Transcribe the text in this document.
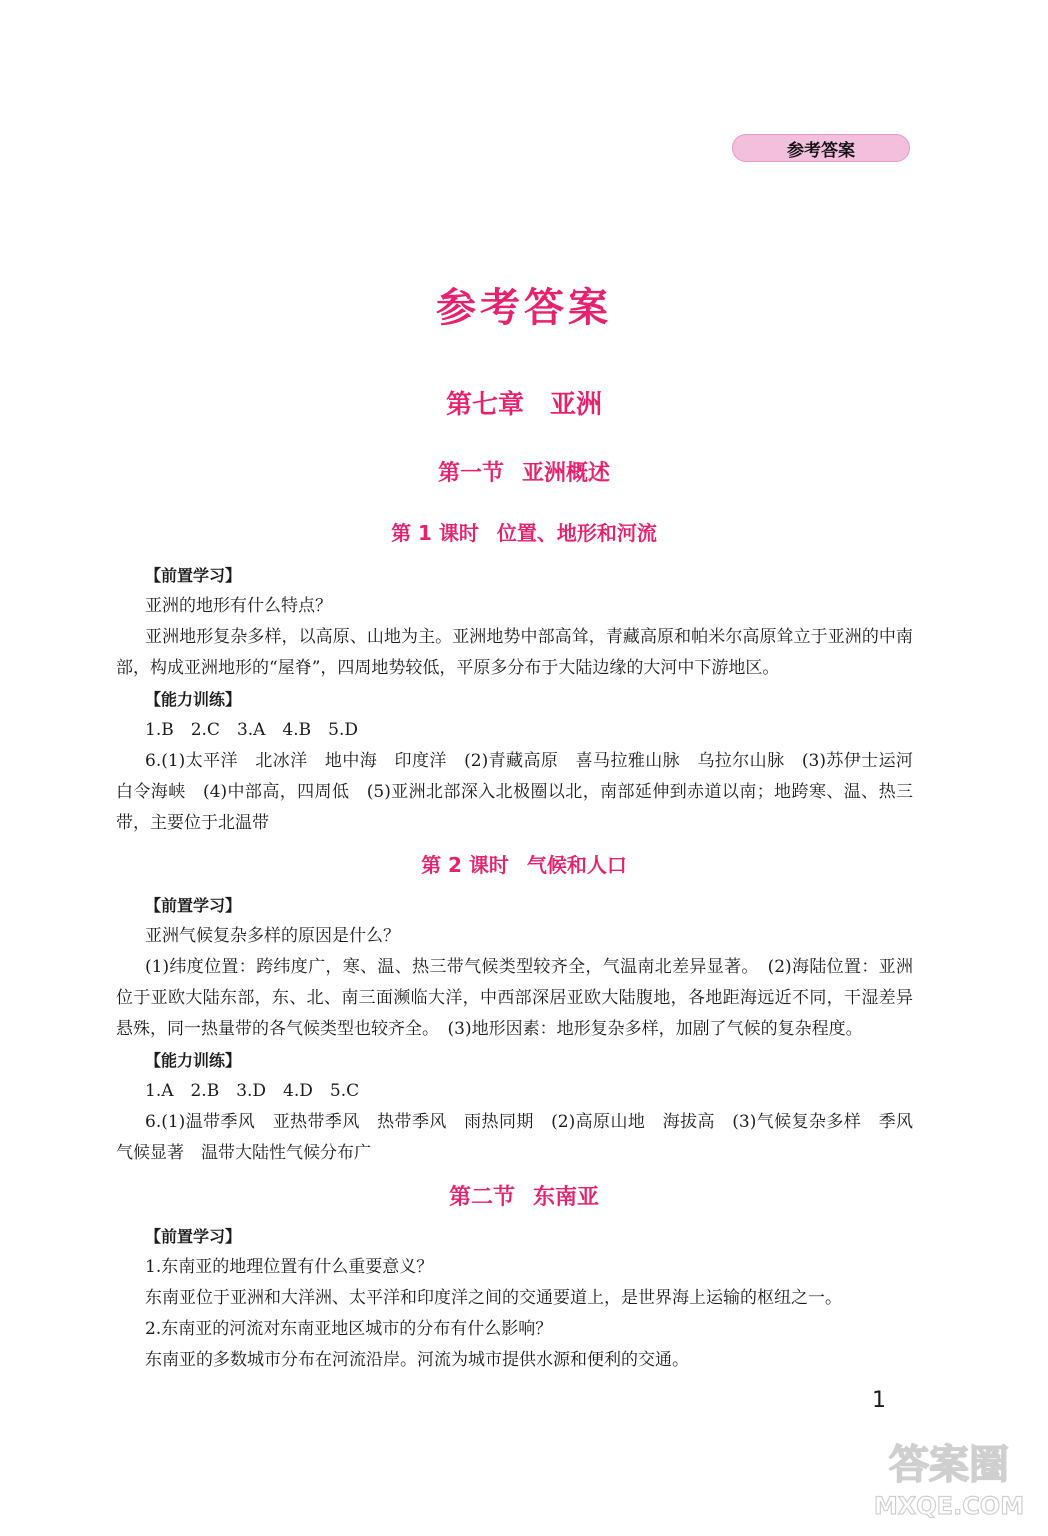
参考答案
参考答案
第七章 亚洲
第一节 亚洲概述
第 1 课时 位置、地形和河流
【前置学习】

亚洲的地形有什么特点？

亚洲地形复杂多样，以高原、山地为主。亚洲地势中部高耸，青藏高原和帕米尔高原耸立于亚洲的中南部，构成亚洲地形的“屋脊”，四周地势较低，平原多分布于大陆边缘的大河中下游地区。

【能力训练】

1.B　2.C　3.A　4.B　5.D

6.(1)太平洋　北冰洋　地中海　印度洋　(2)青藏高原　喜马拉雅山脉　乌拉尔山脉　(3)苏伊士运河　白令海峡　(4)中部高，四周低　(5)亚洲北部深入北极圈以北，南部延伸到赤道以南；地跨寒、温、热三带，主要位于北温带

第 2 课时 气候和人口
【前置学习】

亚洲气候复杂多样的原因是什么？

(1)纬度位置：跨纬度广，寒、温、热三带气候类型较齐全，气温南北差异显著。　(2)海陆位置：亚洲位于亚欧大陆东部，东、北、南三面濒临大洋，中西部深居亚欧大陆腹地，各地距海远近不同，干湿差异悬殊，同一热量带的各气候类型也较齐全。　(3)地形因素：地形复杂多样，加剧了气候的复杂程度。

【能力训练】

1.A　2.B　3.D　4.D　5.C

6.(1)温带季风　亚热带季风　热带季风　雨热同期　(2)高原山地　海拔高　(3)气候复杂多样　季风气候显著　温带大陆性气候分布广

第二节 东南亚
【前置学习】

1.东南亚的地理位置有什么重要意义？

东南亚位于亚洲和大洋洲、太平洋和印度洋之间的交通要道上，是世界海上运输的枢纽之一。

2.东南亚的河流对东南亚地区城市的分布有什么影响？

东南亚的多数城市分布在河流沿岸。河流为城市提供水源和便利的交通。

1
答案圈
MXQE.COM
